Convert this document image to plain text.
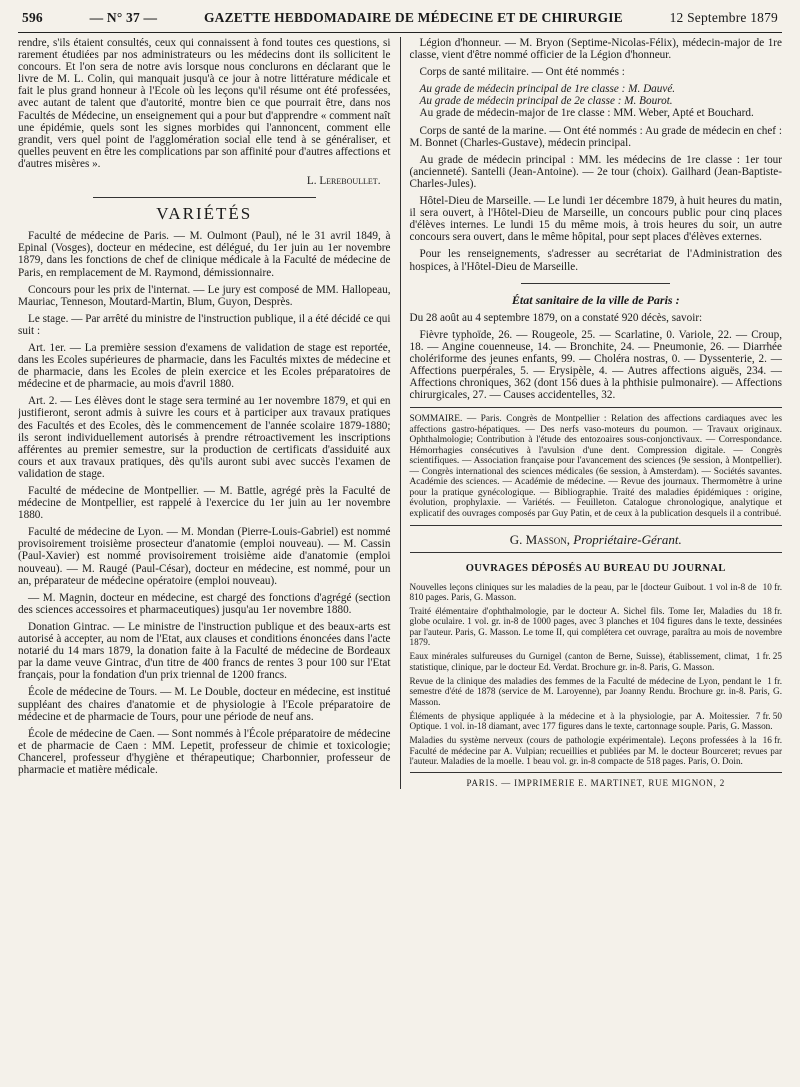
596	— N° 37 —	GAZETTE HEBDOMADAIRE DE MÉDECINE ET DE CHIRURGIE	12 Septembre 1879

rendre, s'ils étaient consultés, ceux qui connaissent à fond toutes ces questions, si rarement étudiées par nos administrateurs ou les médecins dont ils sollicitent le concours. Et l'on sera de notre avis lorsque nous conclurons en déclarant que le livre de M. L. Colin, qui manquait jusqu'à ce jour à notre littérature médicale et fait le plus grand honneur à l'Ecole où les leçons qu'il résume ont été professées, avec autant de talent que d'autorité, montre bien ce que pourrait être, dans nos Facultés de Médecine, un enseignement qui a pour but d'apprendre « comment naît une épidémie, quels sont les signes morbides qui l'annoncent, comment elle grandit, vers quel point de l'agglomération social elle tend à se généraliser, et quelles peuvent en être les complications par son affinité pour d'autres affections et d'autres misères ».

L. Lereboullet.
VARIÉTÉS

Faculté de médecine de Paris. — M. Oulmont (Paul), né le 31 avril 1849, à Epinal (Vosges), docteur en médecine, est délégué, du 1er juin au 1er novembre 1879, dans les fonctions de chef de clinique médicale à la Faculté de médecine de Paris, en remplacement de M. Raymond, démissionnaire.

Concours pour les prix de l'internat. — Le jury est composé de MM. Hallopeau, Mauriac, Tenneson, Moutard-Martin, Blum, Guyon, Desprès.

Le stage. — Par arrêté du ministre de l'instruction publique, il a été décidé ce qui suit :

Art. 1er. — La première session d'examens de validation de stage est reportée, dans les Ecoles supérieures de pharmacie, dans les Facultés mixtes de médecine et de pharmacie, dans les Ecoles de plein exercice et les Ecoles préparatoires de médecine et de pharmacie, au mois d'avril 1880.

Art. 2. — Les élèves dont le stage sera terminé au 1er novembre 1879, et qui en justifieront, seront admis à suivre les cours et à participer aux travaux pratiques des Facultés et des Ecoles, dès le commencement de l'année scolaire 1879-1880; ils seront individuellement autorisés à prendre rétroactivement les inscriptions afférentes au premier semestre, sur la production de certificats d'assiduité aux cours et aux travaux pratiques, dès qu'ils auront subi avec succès l'examen de validation de stage.

Faculté de médecine de Montpellier. — M. Battle, agrégé près la Faculté de médecine de Montpellier, est rappelé à l'exercice du 1er juin au 1er novembre 1880.

Faculté de médecine de Lyon. — M. Mondan (Pierre-Louis-Gabriel) est nommé provisoirement troisième prosecteur d'anatomie (emploi nouveau). — M. Cassin (Paul-Xavier) est nommé provisoirement troisième aide d'anatomie (emploi nouveau). — M. Raugé (Paul-César), docteur en médecine, est nommé, pour un an, préparateur de médecine opératoire (emploi nouveau).

— M. Magnin, docteur en médecine, est chargé des fonctions d'agrégé (section des sciences accessoires et pharmaceutiques) jusqu'au 1er novembre 1880.

Donation Gintrac. — Le ministre de l'instruction publique et des beaux-arts est autorisé à accepter, au nom de l'Etat, aux clauses et conditions énoncées dans l'acte notarié du 14 mars 1879, la donation faite à la Faculté de médecine de Bordeaux par la dame veuve Gintrac, d'un titre de 400 francs de rentes 3 pour 100 sur l'Etat français, pour la fondation d'un prix triennal de 1200 francs.

École de médecine de Tours. — M. Le Double, docteur en médecine, est institué suppléant des chaires d'anatomie et de physiologie à l'Ecole préparatoire de médecine et de pharmacie de Tours, pour une période de neuf ans.

École de médecine de Caen. — Sont nommés à l'École préparatoire de médecine et de pharmacie de Caen : MM. Lepetit, professeur de chimie et toxicologie; Chancerel, professeur d'hygiène et thérapeutique; Charbonnier, professeur de pharmacie et matière médicale.

Légion d'honneur. — M. Bryon (Septime-Nicolas-Félix), médecin-major de 1re classe, vient d'être nommé officier de la Légion d'honneur.

Corps de santé militaire. — Ont été nommés :

Au grade de médecin principal de 1re classe : M. Dauvé.

Au grade de médecin principal de 2e classe : M. Bourot.

Au grade de médecin-major de 1re classe : MM. Weber, Apté et Bouchard.

Corps de santé de la marine. — Ont été nommés : Au grade de médecin en chef : M. Bonnet (Charles-Gustave), médecin principal.

Au grade de médecin principal : MM. les médecins de 1re classe : 1er tour (ancienneté). Santelli (Jean-Antoine). — 2e tour (choix). Gailhard (Jean-Baptiste-Charles-Jules).

Hôtel-Dieu de Marseille. — Le lundi 1er décembre 1879, à huit heures du matin, il sera ouvert, à l'Hôtel-Dieu de Marseille, un concours public pour cinq places d'élèves internes. Le lundi 15 du même mois, à trois heures du soir, un autre concours sera ouvert, dans le même hôpital, pour sept places d'élèves externes.

Pour les renseignements, s'adresser au secrétariat de l'Administration des hospices, à l'Hôtel-Dieu de Marseille.

État sanitaire de la ville de Paris :

Du 28 août au 4 septembre 1879, on a constaté 920 décès, savoir:

Fièvre typhoïde, 26. — Rougeole, 25. — Scarlatine, 0. Variole, 22. — Croup, 18. — Angine couenneuse, 14. — Bronchite, 24. — Pneumonie, 26. — Diarrhée cholériforme des jeunes enfants, 99. — Choléra nostras, 0. — Dyssenterie, 2. — Affections puerpérales, 5. — Erysipèle, 4. — Autres affections aiguës, 234. — Affections chroniques, 362 (dont 156 dues à la phthisie pulmonaire). — Affections chirurgicales, 27. — Causes accidentelles, 32.

SOMMAIRE. — Paris. Congrès de Montpellier : Relation des affections cardiaques avec les affections gastro-hépatiques. — Des nerfs vaso-moteurs du poumon. — Travaux originaux. Ophthalmologie; Contribution à l'étude des entozoaires sous-conjonctivaux. — Correspondance. Hémorrhagies consécutives à l'avulsion d'une dent. Compression digitale. — Congrès scientifiques. — Association française pour l'avancement des sciences (9e session, à Montpellier). — Congrès international des sciences médicales (6e session, à Amsterdam). — Sociétés savantes. Académie des sciences. — Académie de médecine. — Revue des journaux. Thermomètre à urine pour la pratique gynécologique. — Bibliographie. Traité des maladies épidémiques : origine, évolution, prophylaxie. — Variétés. — Feuilleton. Catalogue chronologique, analytique et explicatif des ouvrages composés par Guy Patin, et de ceux à la publication desquels il a contribué.

G. Masson, Propriétaire-Gérant.
OUVRAGES DÉPOSÉS AU BUREAU DU JOURNAL

10 fr.
Nouvelles leçons cliniques sur les maladies de la peau, par le [docteur Guibout. 1 vol in-8 de 810 pages. Paris, G. Masson.

18 fr.
Traité élémentaire d'ophthalmologie, par le docteur A. Sichel fils. Tome Ier, Maladies du globe oculaire. 1 vol. gr. in-8 de 1000 pages, avec 3 planches et 104 figures dans le texte, dessinées par l'auteur. Paris, G. Masson. Le tome II, qui complétera cet ouvrage, paraîtra au mois de novembre 1879.

1 fr. 25
Eaux minérales sulfureuses du Gurnigel (canton de Berne, Suisse), établissement, climat, statistique, clinique, par le docteur Ed. Verdat. Brochure gr. in-8. Paris, G. Masson.

1 fr.
Revue de la clinique des maladies des femmes de la Faculté de médecine de Lyon, pendant le semestre d'été de 1878 (service de M. Laroyenne), par Joanny Rendu. Brochure gr. in-8. Paris, G. Masson.

7 fr. 50
Éléments de physique appliquée à la médecine et à la physiologie, par A. Moitessier. Optique. 1 vol. in-18 diamant, avec 177 figures dans le texte, cartonnage souple. Paris, G. Masson.

16 fr.
Maladies du système nerveux (cours de pathologie expérimentale). Leçons professées à la Faculté de médecine par A. Vulpian; recueillies et publiées par M. le docteur Bourceret; revues par l'auteur. Maladies de la moelle. 1 beau vol. gr. in-8 compacte de 518 pages. Paris, O. Doin.

PARIS. — IMPRIMERIE E. MARTINET, RUE MIGNON, 2
